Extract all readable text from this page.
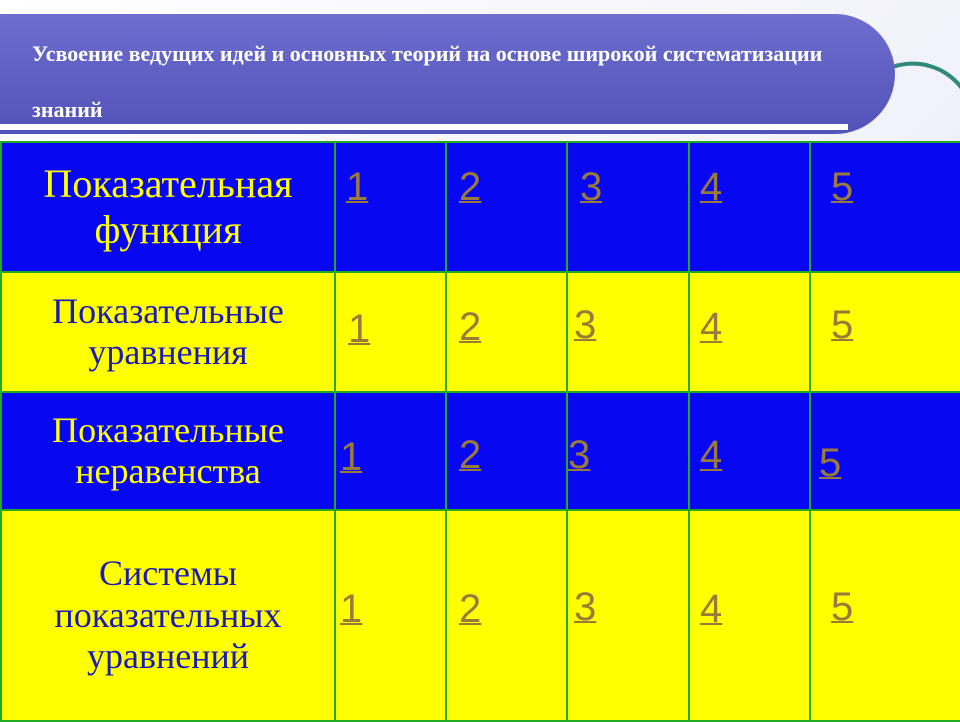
Усвоение ведущих идей и основных теорий на основе широкой систематизации знаний
Показательная функция	1	2	3	4	5

Показательные уравнения	1	2	3	4	5

Показательные неравенства	1	2	3	4	5

Системы показательных уравнений	1	2	3	4	5
